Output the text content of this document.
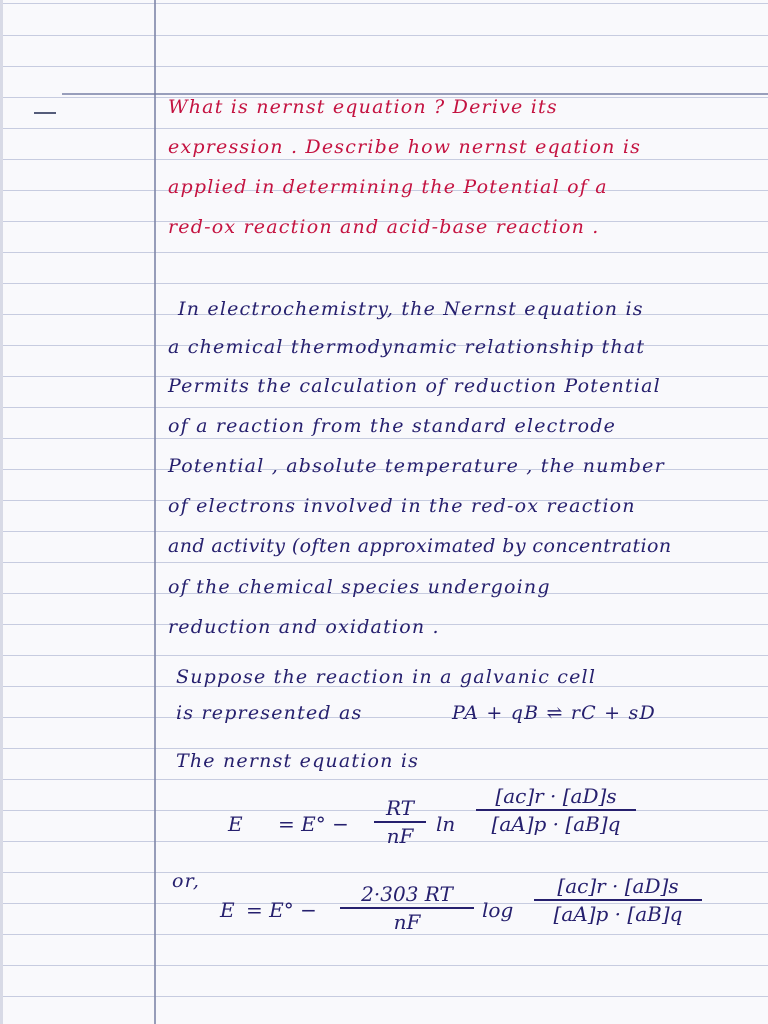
What is nernst equation ? Derive its
expression . Describe how nernst eqation is
applied in determining the Potential of a
red-ox reaction and acid-base reaction .
In electrochemistry, the Nernst equation is
a chemical thermodynamic relationship that
Permits the calculation of reduction Potential
of a reaction from the standard electrode
Potential , absolute temperature , the number
of electrons involved in the red-ox reaction
and activity (often approximated by concentration
of the chemical species undergoing
reduction and oxidation .
Suppose the reaction in a galvanic cell
is represented as	PA + qB ⇌ rC + sD
The nernst equation is
E = E° −
RT
nF	ln
[ac]r · [aD]s
[aA]p · [aB]q
or,
E = E° −
2·303 RT
nF	log
[ac]r · [aD]s
[aA]p · [aB]q
